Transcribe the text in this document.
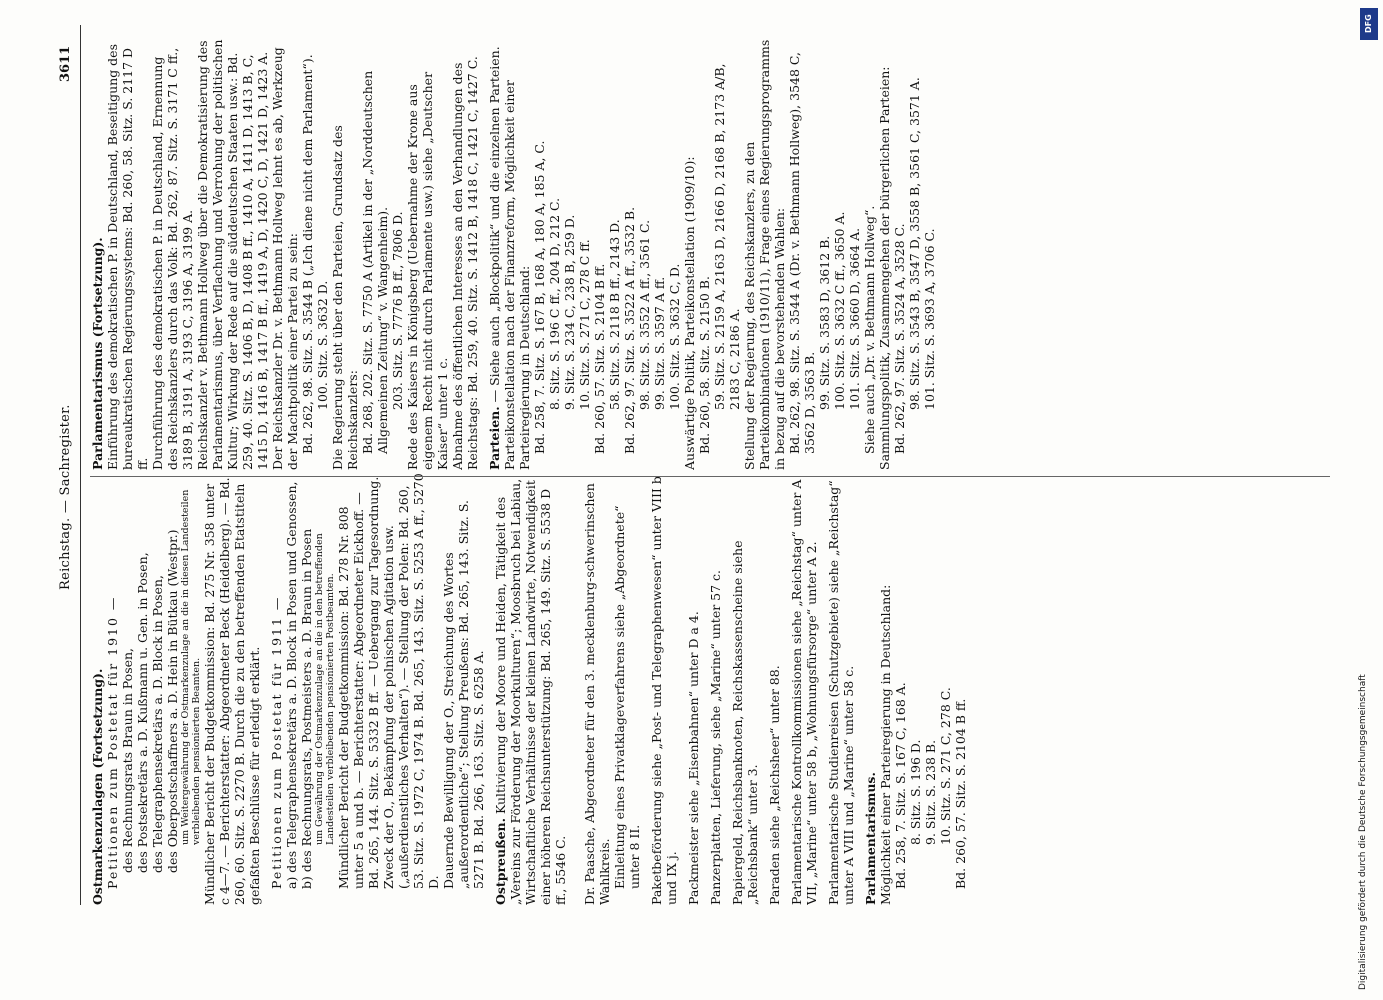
Reichstag. — Sachregister.
3611

Ostmarkenzulagen (Fortsetzung). Petitionen zum Postetat für 1910 — des Rechnungsrats Braun in Posen, des Postsekretärs a. D. Kußmann u. Gen. in Posen, des Telegraphensekretärs a. D. Block in Posen, des Oberpostschaffners a. D. Hein in Bütkau (Westpr.) um Weitergewährung der Ostmarkenzulage an die in diesen Landesteilen verbleibenden pensionierten Beamten. Mündlicher Bericht der Budgetkommission: Bd. 275 Nr. 358 unter c 4—7. — Berichterstatter: Abgeordneter Beck (Heidelberg). — Bd. 260, 60. Sitz. S. 2270 B. Durch die zu den betreffenden Etatstiteln gefaßten Beschlüsse für erledigt erklärt. Petitionen zum Postetat für 1911 — a) des Telegraphensekretärs a. D. Block in Posen und Genossen, b) des Rechnungsrats, Postmeisters a. D. Braun in Posen um Gewährung der Ostmarkenzulage an die in den betreffenden Landesteilen verbleibenden pensionierten Postbeamten. Mündlicher Bericht der Budgetkommission: Bd. 278 Nr. 808 unter 5 a und b. — Berichterstatter: Abgeordneter Eickhoff. — Bd. 265, 144. Sitz. S. 5332 B ff. — Uebergang zur Tagesordnung. Zweck der O., Bekämpfung der polnischen Agitation usw. („außerdienstliches Verhalten“). — Stellung der Polen: Bd. 260, 53. Sitz. S. 1972 C, 1974 B. Bd. 265, 143. Sitz. S. 5253 A ff., 5270 D. Dauernde Bewilligung der O., Streichung des Wortes „außerordentliche“; Stellung Preußens: Bd. 265, 143. Sitz. S. 5271 B. Bd. 266, 163. Sitz. S. 6258 A. Ostpreußen. Kultivierung der Moore und Heiden, Tätigkeit des „Vereins zur Förderung der Moorkulturen“; Moosbruch bei Labiau, Wirtschaftliche Verhältnisse der kleinen Landwirte, Notwendigkeit einer höheren Reichsunterstützung: Bd. 265, 149. Sitz. S. 5538 D ff., 5546 C. Dr. Paasche, Abgeordneter für den 3. mecklenburg-schwerinschen Wahlkreis. Einleitung eines Privatklageverfahrens siehe „Abgeordnete“ unter 8 II. Paketbeförderung siehe „Post- und Telegraphenwesen“ unter VIII b und IX j. Packmeister siehe „Eisenbahnen“ unter D a 4. Panzerplatten, Lieferung, siehe „Marine“ unter 57 c. Papiergeld, Reichsbanknoten, Reichskassenscheine siehe „Reichsbank“ unter 3. Paraden siehe „Reichsheer“ unter 88. Parlamentarische Kontrollkommissionen siehe „Reichstag“ unter A VII, „Marine“ unter 58 b, „Wohnungsfürsorge“ unter A 2. Parlamentarische Studienreisen (Schutzgebiete) siehe „Reichstag“ unter A VIII und „Marine“ unter 58 c. Parlamentarismus. Möglichkeit einer Parteiregierung in Deutschland: Bd. 258, 7. Sitz. S. 167 C, 168 A. 8. Sitz. S. 196 D. 9. Sitz. S. 238 B. 10. Sitz. S. 271 C, 278 C. Bd. 260, 57. Sitz. S. 2104 B ff.

Parlamentarismus (Fortsetzung). Einführung des demokratischen P. in Deutschland, Beseitigung des bureaukratischen Regierungssystems: Bd. 260, 58. Sitz. S. 2117 D ff. Durchführung des demokratischen P. in Deutschland, Ernennung des Reichskanzlers durch das Volk: Bd. 262, 87. Sitz. S. 3171 C ff., 3189 B, 3191 A, 3193 C, 3196 A, 3199 A. Reichskanzler v. Bethmann Hollweg über die Demokratisierung des Parlamentarismus, über Verflachung und Verrohung der politischen Kultur; Wirkung der Rede auf die süddeutschen Staaten usw.: Bd. 259, 40. Sitz. S. 1406 B, D, 1408 B ff., 1410 A, 1411 D, 1413 B, C, 1415 D, 1416 B, 1417 B ff., 1419 A, D, 1420 C, D, 1421 D, 1423 A. Der Reichskanzler Dr. v. Bethmann Hollweg lehnt es ab, Werkzeug der Machtpolitik einer Partei zu sein: Bd. 262, 98. Sitz. S. 3544 B („Ich diene nicht dem Parlament“). 100. Sitz. S. 3632 D. Die Regierung steht über den Parteien, Grundsatz des Reichskanzlers: Bd. 268, 202. Sitz. S. 7750 A (Artikel in der „Norddeutschen Allgemeinen Zeitung“ v. Wangenheim). 203. Sitz. S. 7776 B ff., 7806 D. Rede des Kaisers in Königsberg (Uebernahme der Krone aus eigenem Recht nicht durch Parlamente usw.) siehe „Deutscher Kaiser“ unter 1 c. Abnahme des öffentlichen Interesses an den Verhandlungen des Reichstags: Bd. 259, 40. Sitz. S. 1412 B, 1418 C, 1421 C, 1427 C. Parteien. — Siehe auch „Blockpolitik“ und die einzelnen Parteien. Parteikonstellation nach der Finanzreform, Möglichkeit einer Parteiregierung in Deutschland: Bd. 258, 7. Sitz. S. 167 B, 168 A, 180 A, 185 A, C. 8. Sitz. S. 196 C ff., 204 D, 212 C. 9. Sitz. S. 234 C, 238 B, 259 D. 10. Sitz. S. 271 C, 278 C ff. Bd. 260, 57. Sitz. S. 2104 B ff. 58. Sitz. S. 2118 B ff., 2143 D. Bd. 262, 97. Sitz. S. 3522 A ff., 3532 B. 98. Sitz. S. 3552 A ff., 3561 C. 99. Sitz. S. 3597 A ff. 100. Sitz. S. 3632 C, D. Auswärtige Politik, Parteikonstellation (1909/10): Bd. 260, 58. Sitz. S. 2150 B. 59. Sitz. S. 2159 A, 2163 D, 2166 D, 2168 B, 2173 A/B, 2183 C, 2186 A. Stellung der Regierung, des Reichskanzlers, zu den Parteikombinationen (1910/11), Frage eines Regierungsprogramms in bezug auf die bevorstehenden Wahlen: Bd. 262, 98. Sitz. S. 3544 A (Dr. v. Bethmann Hollweg), 3548 C, 3562 D, 3563 B. 99. Sitz. S. 3583 D, 3612 B. 100. Sitz. S. 3632 C ff., 3650 A. 101. Sitz. S. 3660 D, 3664 A. Siehe auch „Dr. v. Bethmann Hollweg“. Sammlungspolitik, Zusammengehen der bürgerlichen Parteien: Bd. 262, 97. Sitz. S. 3524 A, 3528 C. 98. Sitz. S. 3543 B, 3547 D, 3558 B, 3561 C, 3571 A. 101. Sitz. S. 3693 A, 3706 C.

DFG
Digitalisierung gefördert durch die Deutsche Forschungsgemeinschaft
